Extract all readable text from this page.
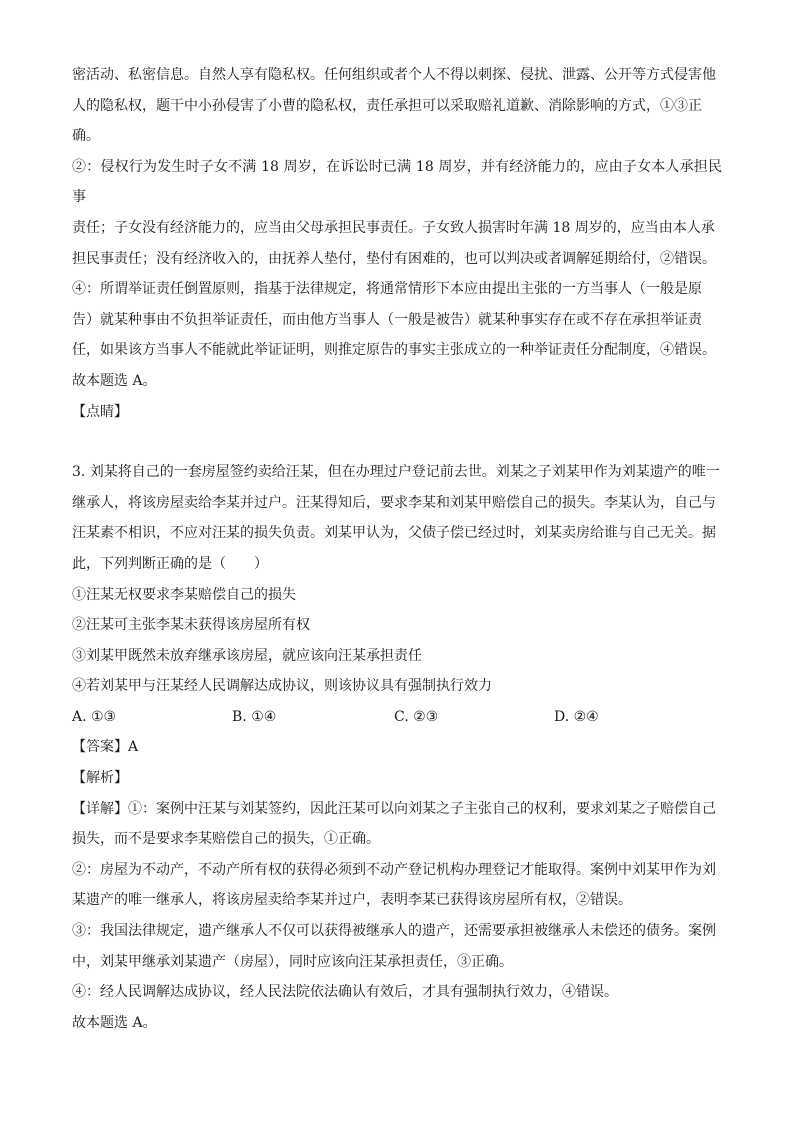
密活动、私密信息。自然人享有隐私权。任何组织或者个人不得以刺探、侵扰、泄露、公开等方式侵害他

人的隐私权，题干中小孙侵害了小曹的隐私权，责任承担可以采取赔礼道歉、消除影响的方式，①③正

确。

②：侵权行为发生时子女不满 18 周岁，在诉讼时已满 18 周岁，并有经济能力的，应由子女本人承担民事

责任；子女没有经济能力的，应当由父母承担民事责任。子女致人损害时年满 18 周岁的，应当由本人承

担民事责任；没有经济收入的，由抚养人垫付，垫付有困难的，也可以判决或者调解延期给付，②错误。

④：所谓举证责任倒置原则，指基于法律规定，将通常情形下本应由提出主张的一方当事人（一般是原

告）就某种事由不负担举证责任，而由他方当事人（一般是被告）就某种事实存在或不存在承担举证责

任，如果该方当事人不能就此举证证明，则推定原告的事实主张成立的一种举证责任分配制度，④错误。

故本题选 A。

【点睛】

3. 刘某将自己的一套房屋签约卖给汪某，但在办理过户登记前去世。刘某之子刘某甲作为刘某遗产的唯一

继承人，将该房屋卖给李某并过户。汪某得知后，要求李某和刘某甲赔偿自己的损失。李某认为，自己与

汪某素不相识，不应对汪某的损失负责。刘某甲认为，父债子偿已经过时，刘某卖房给谁与自己无关。据

此，下列判断正确的是（　　）

①汪某无权要求李某赔偿自己的损失

②汪某可主张李某未获得该房屋所有权

③刘某甲既然未放弃继承该房屋，就应该向汪某承担责任

④若刘某甲与汪某经人民调解达成协议，则该协议具有强制执行效力

A. ①③	B. ①④	C. ②③	D. ②④

【答案】A

【解析】

【详解】①：案例中汪某与刘某签约，因此汪某可以向刘某之子主张自己的权利，要求刘某之子赔偿自己

损失，而不是要求李某赔偿自己的损失，①正确。

②：房屋为不动产，不动产所有权的获得必须到不动产登记机构办理登记才能取得。案例中刘某甲作为刘

某遗产的唯一继承人，将该房屋卖给李某并过户，表明李某已获得该房屋所有权，②错误。

③：我国法律规定，遗产继承人不仅可以获得被继承人的遗产，还需要承担被继承人未偿还的债务。案例

中，刘某甲继承刘某遗产（房屋），同时应该向汪某承担责任，③正确。

④：经人民调解达成协议，经人民法院依法确认有效后，才具有强制执行效力，④错误。

故本题选 A。
